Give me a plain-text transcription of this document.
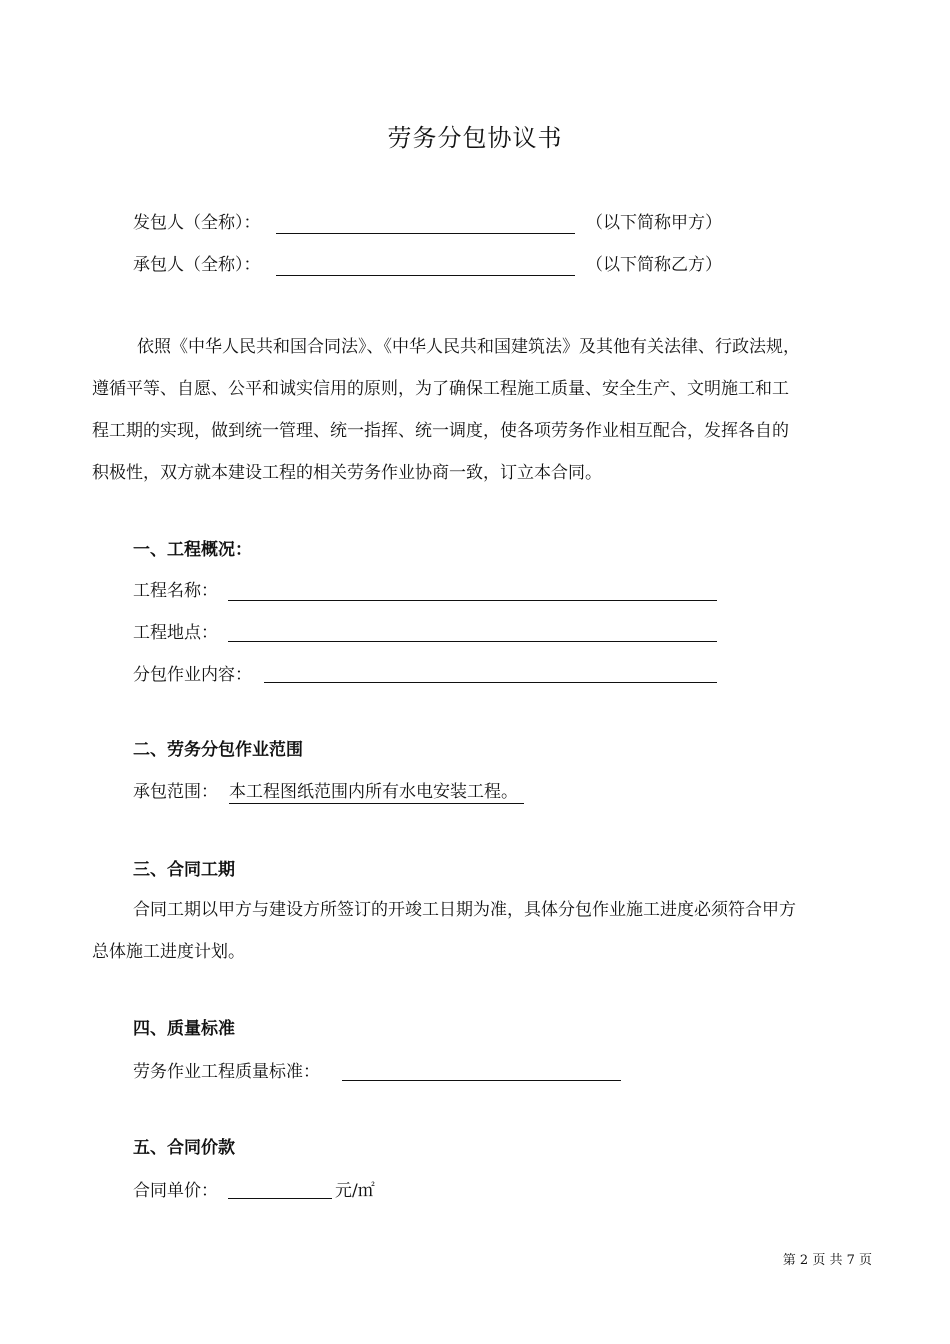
劳务分包协议书
发包人（全称）：	（以下简称甲方）
承包人（全称）：	（以下简称乙方）

依照《中华人民共和国合同法》、《中华人民共和国建筑法》及其他有关法律、行政法规，

遵循平等、自愿、公平和诚实信用的原则，为了确保工程施工质量、安全生产、文明施工和工

程工期的实现，做到统一管理、统一指挥、统一调度，使各项劳务作业相互配合，发挥各自的

积极性，双方就本建设工程的相关劳务作业协商一致，订立本合同。

一、工程概况：
工程名称：
工程地点：
分包作业内容：
二、劳务分包作业范围
承包范围： 本工程图纸范围内所有水电安装工程。
三、合同工期

合同工期以甲方与建设方所签订的开竣工日期为准，具体分包作业施工进度必须符合甲方

总体施工进度计划。

四、质量标准
劳务作业工程质量标准：
五、合同价款
合同单价：	元/㎡
第 2 页 共 7 页
